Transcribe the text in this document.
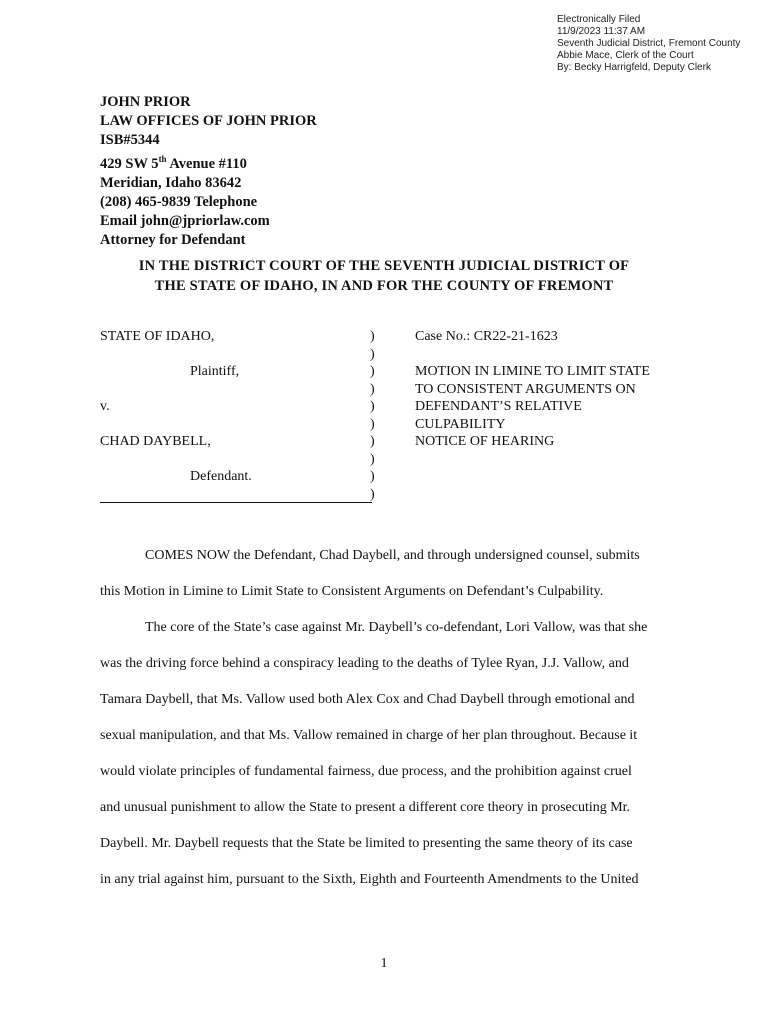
Electronically Filed
11/9/2023 11:37 AM
Seventh Judicial District, Fremont County
Abbie Mace, Clerk of the Court
By: Becky Harrigfeld, Deputy Clerk
JOHN PRIOR
LAW OFFICES OF JOHN PRIOR
ISB#5344
429 SW 5th Avenue #110
Meridian, Idaho 83642
(208) 465-9839 Telephone
Email john@jpriorlaw.com
Attorney for Defendant
IN THE DISTRICT COURT OF THE SEVENTH JUDICIAL DISTRICT OF
THE STATE OF IDAHO, IN AND FOR THE COUNTY OF FREMONT
STATE OF IDAHO,
Plaintiff,
v.
CHAD DAYBELL,
Defendant.
)
)
)
)
)
)
)
)
)
)
Case No.: CR22-21-1623
MOTION IN LIMINE TO LIMIT STATE
TO CONSISTENT ARGUMENTS ON
DEFENDANT’S RELATIVE
CULPABILITY
NOTICE OF HEARING
COMES NOW the Defendant, Chad Daybell, and through undersigned counsel, submits
this Motion in Limine to Limit State to Consistent Arguments on Defendant’s Culpability.
The core of the State’s case against Mr. Daybell’s co-defendant, Lori Vallow, was that she
was the driving force behind a conspiracy leading to the deaths of Tylee Ryan, J.J. Vallow, and
Tamara Daybell, that Ms. Vallow used both Alex Cox and Chad Daybell through emotional and
sexual manipulation, and that Ms. Vallow remained in charge of her plan throughout. Because it
would violate principles of fundamental fairness, due process, and the prohibition against cruel
and unusual punishment to allow the State to present a different core theory in prosecuting Mr.
Daybell. Mr. Daybell requests that the State be limited to presenting the same theory of its case
in any trial against him, pursuant to the Sixth, Eighth and Fourteenth Amendments to the United
1
